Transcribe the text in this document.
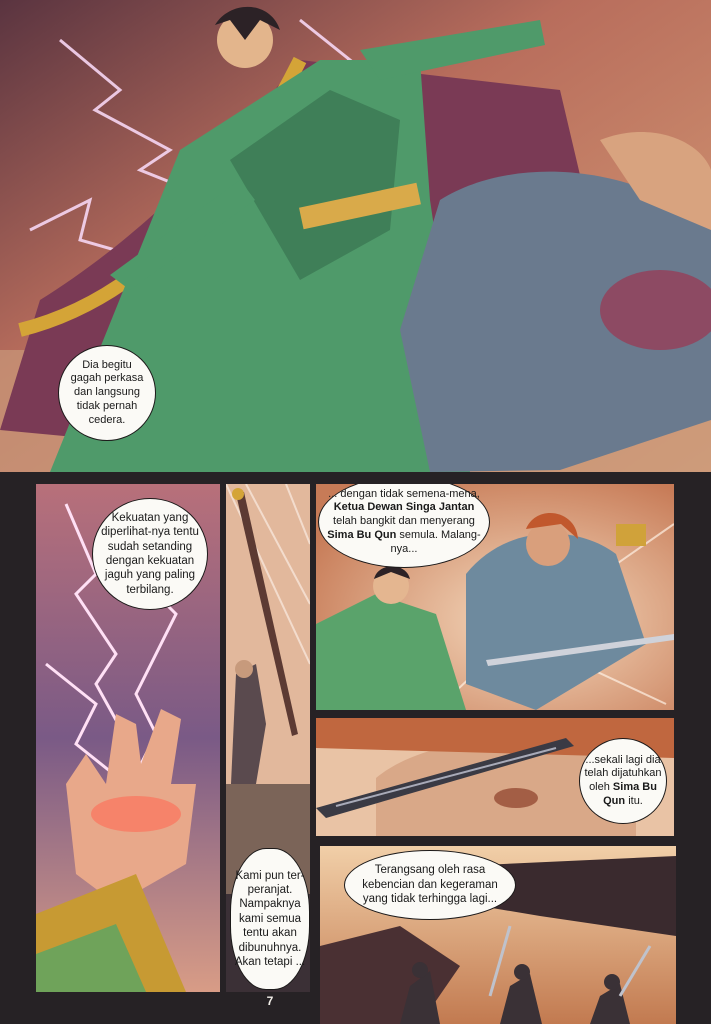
Dia begitu gagah perkasa dan langsung tidak pernah cedera.
Kekuatan yang diperlihat-nya tentu sudah setanding dengan kekuatan jaguh yang paling terbilang.
Kami pun ter-peranjat. Nampaknya kami semua tentu akan dibunuhnya. Akan tetapi ...
... dengan tidak semena-mena, Ketua Dewan Singa Jantan telah bangkit dan menyerang Sima Bu Qun semula. Malang-nya...
...sekali lagi dia telah dijatuhkan oleh Sima Bu Qun itu.
Terangsang oleh rasa kebencian dan kegeraman yang tidak terhingga lagi...
7
